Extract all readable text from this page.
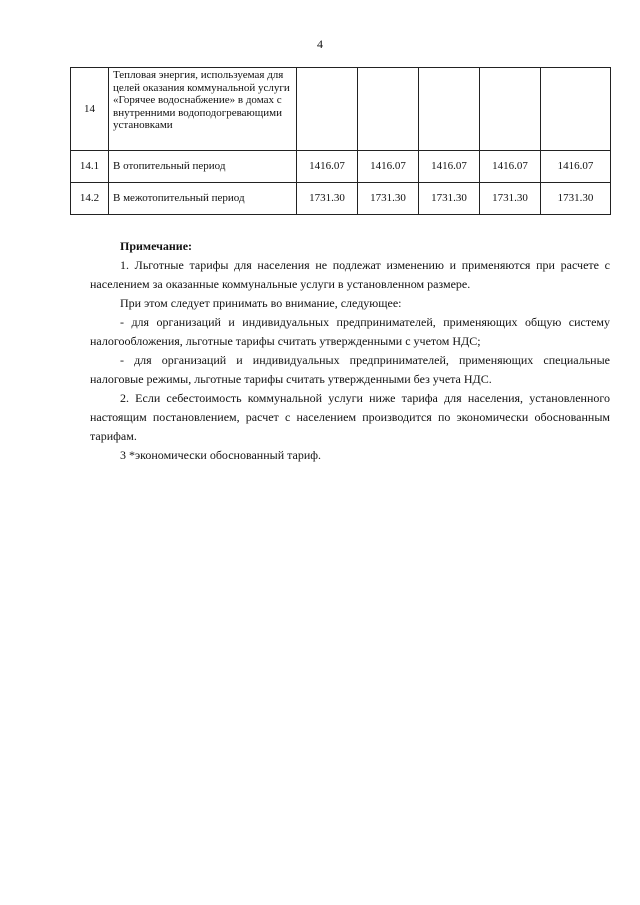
4
14	Тепловая энергия, используемая для целей оказания коммунальной услуги «Горячее водоснабжение» в домах с внутренними водоподогревающими установками					
14.1	В отопительный период	1416.07	1416.07	1416.07	1416.07	1416.07
14.2	В межотопительный период	1731.30	1731.30	1731.30	1731.30	1731.30

Примечание:

1. Льготные тарифы для населения не подлежат изменению и применяются при расчете с населением за оказанные коммунальные услуги в установленном размере.

При этом следует принимать во внимание, следующее:

- для организаций и индивидуальных предпринимателей, применяющих общую систему налогообложения, льготные тарифы считать утвержденными с учетом НДС;

- для организаций и индивидуальных предпринимателей, применяющих специальные налоговые режимы, льготные тарифы считать утвержденными без учета НДС.

2. Если себестоимость коммунальной услуги ниже тарифа для населения, установленного настоящим постановлением, расчет с населением производится по экономически обоснованным тарифам.

3 *экономически обоснованный тариф.
